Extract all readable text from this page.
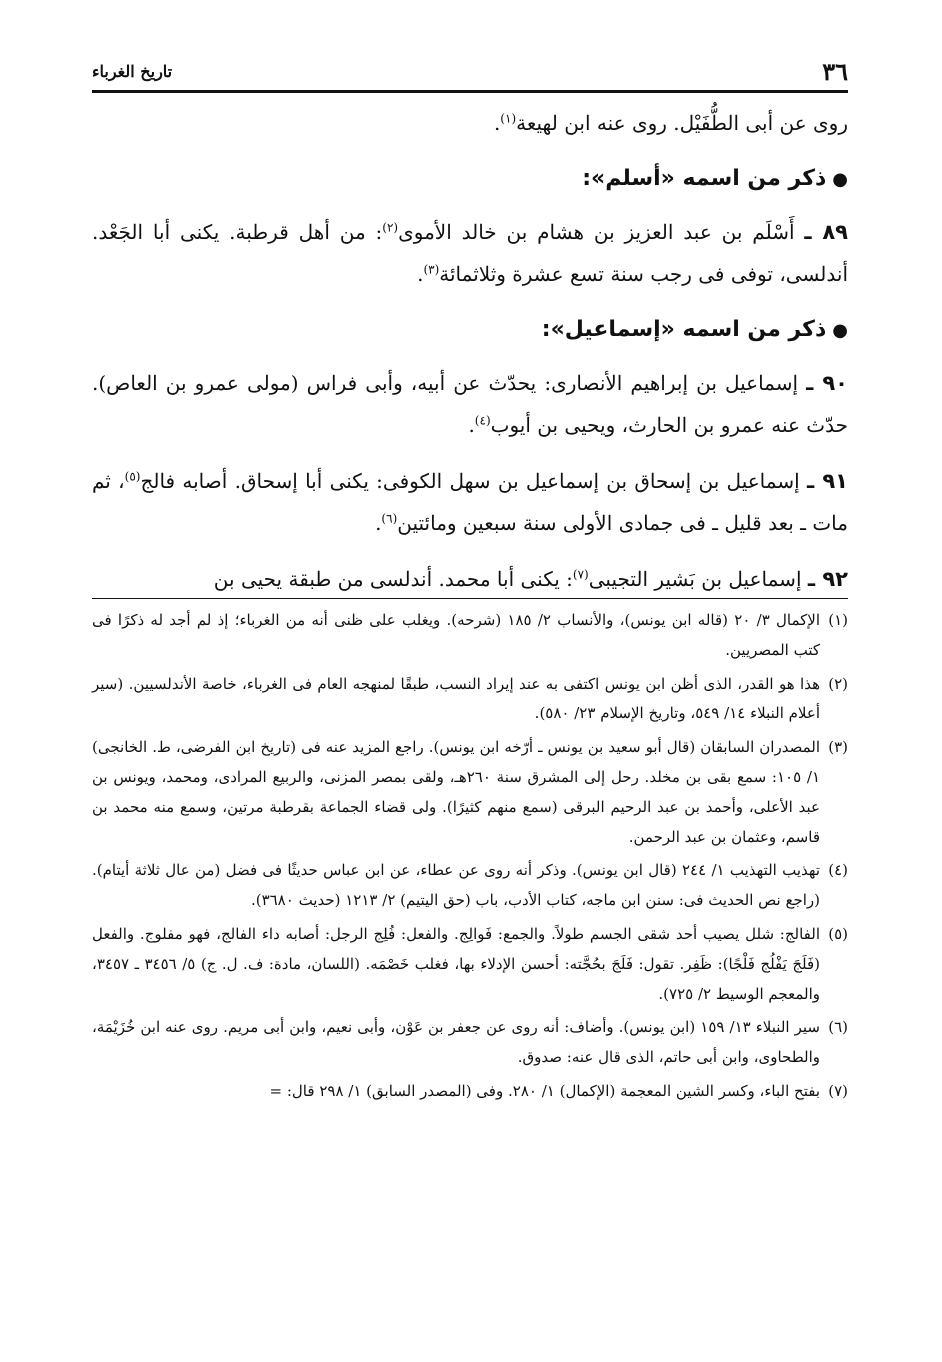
٣٦
تاريخ الغرباء

روى عن أبى الطُّفَيْل. روى عنه ابن لهيعة$^{(١)}$.

●ذكر من اسمه «أسلم»:

٨٩ ـ أَسْلَم بن عبد العزيز بن هشام بن خالد الأموى$^{(٢)}$: من أهل قرطبة. يكنى أبا الجَعْد. أندلسى، توفى فى رجب سنة تسع عشرة وثلاثمائة$^{(٣)}$.

●ذكر من اسمه «إسماعيل»:

٩٠ ـ إسماعيل بن إبراهيم الأنصارى: يحدّث عن أبيه، وأبى فراس (مولى عمرو بن العاص). حدّث عنه عمرو بن الحارث، ويحيى بن أيوب$^{(٤)}$.

٩١ ـ إسماعيل بن إسحاق بن إسماعيل بن سهل الكوفى: يكنى أبا إسحاق. أصابه فالج$^{(٥)}$، ثم مات ـ بعد قليل ـ فى جمادى الأولى سنة سبعين ومائتين$^{(٦)}$.

٩٢ ـ إسماعيل بن بَشير التجيبى$^{(٧)}$: يكنى أبا محمد. أندلسى من طبقة يحيى بن

(١)الإكمال ٣/ ٢٠ (قاله ابن يونس)، والأنساب ٢/ ١٨٥ (شرحه). ويغلب على ظنى أنه من الغرباء؛ إذ لم أجد له ذكرًا فى كتب المصريين.

(٢)هذا هو القدر، الذى أظن ابن يونس اكتفى به عند إيراد النسب، طبقًا لمنهجه العام فى الغرباء، خاصة الأندلسيين. (سير أعلام النبلاء ١٤/ ٥٤٩، وتاريخ الإسلام ٢٣/ ٥٨٠).

(٣)المصدران السابقان (قال أبو سعيد بن يونس ـ أرّخه ابن يونس). راجع المزيد عنه فى (تاريخ ابن الفرضى، ط. الخانجى) ١/ ١٠٥: سمع بقى بن مخلد. رحل إلى المشرق سنة ٢٦٠هـ، ولقى بمصر المزنى، والربيع المرادى، ومحمد، ويونس بن عبد الأعلى، وأحمد بن عبد الرحيم البرقى (سمع منهم كثيرًا). ولى قضاء الجماعة بقرطبة مرتين، وسمع منه محمد بن قاسم، وعثمان بن عبد الرحمن.

(٤)تهذيب التهذيب ١/ ٢٤٤ (قال ابن يونس). وذكر أنه روى عن عطاء، عن ابن عباس حديثًا فى فضل (من عال ثلاثة أيتام). (راجع نص الحديث فى: سنن ابن ماجه، كتاب الأدب، باب (حق اليتيم) ٢/ ١٢١٣ (حديث ٣٦٨٠).

(٥)الفالج: شلل يصيب أحد شقى الجسم طولاً. والجمع: فَوالِج. والفعل: فُلِج الرجل: أصابه داء الفالج، فهو مفلوج. والفعل (فَلَجَ يَفْلُج فَلْجًا): ظَفِر. تقول: فَلَجَ بحُجَّته: أحسن الإدلاء بها، فغلب خَصْمَه. (اللسان، مادة: ف. ل. ج) ٥/ ٣٤٥٦ ـ ٣٤٥٧، والمعجم الوسيط ٢/ ٧٢٥).

(٦)سير النبلاء ١٣/ ١٥٩ (ابن يونس). وأضاف: أنه روى عن جعفر بن عَوْن، وأبى نعيم، وابن أبى مريم. روى عنه ابن خُزَيْمَة، والطحاوى، وابن أبى حاتم، الذى قال عنه: صدوق.

(٧)بفتح الباء، وكسر الشين المعجمة (الإكمال) ١/ ٢٨٠. وفى (المصدر السابق) ١/ ٢٩٨ قال: =
